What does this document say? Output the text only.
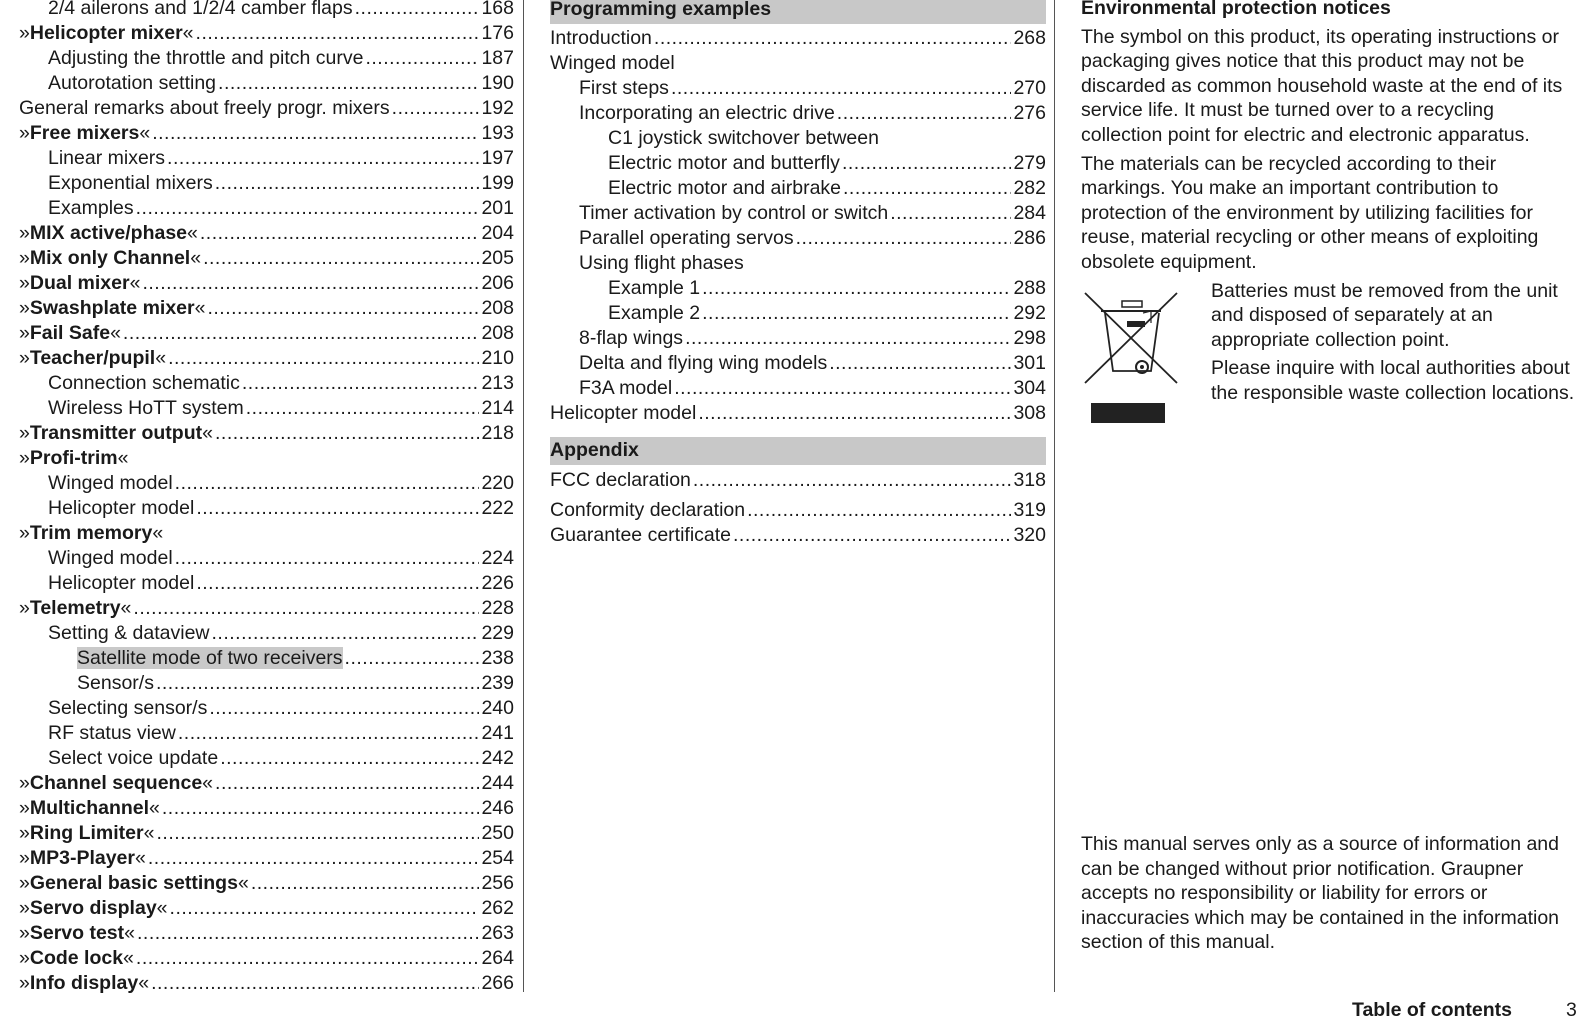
2/4 ailerons and 1/2/4 camber flaps .....	168
»Helicopter mixer« .....	176
Adjusting the throttle and pitch curve .....	187
Autorotation setting .....	190
General remarks about freely progr. mixers .....	192
»Free mixers« .....	193
Linear mixers .....	197
Exponential mixers .....	199
Examples .....	201
»MIX active/phase« .....	204
»Mix only Channel« .....	205
»Dual mixer« .....	206
»Swashplate mixer« .....	208
»Fail Safe« .....	208
»Teacher/pupil« .....	210
Connection schematic .....	213
Wireless HoTT system .....	214
»Transmitter output« .....	218
»Profi-trim«
Winged model .....	220
Helicopter model .....	222
»Trim memory«
Winged model .....	224
Helicopter model .....	226
»Telemetry« .....	228
Setting & dataview .....	229
Satellite mode of two receivers .....	238
Sensor/s .....	239
Selecting sensor/s .....	240
RF status view .....	241
Select voice update .....	242
»Channel sequence« .....	244
»Multichannel« .....	246
»Ring Limiter« .....	250
»MP3-Player« .....	254
»General basic settings« .....	256
»Servo display« .....	262
»Servo test« .....	263
»Code lock« .....	264
»Info display« .....	266
Programming examples
Introduction .....	268
Winged model
First steps .....	270
Incorporating an electric drive .....	276
C1 joystick switchover between
Electric motor and butterfly .....	279
Electric motor and airbrake .....	282
Timer activation by control or switch .....	284
Parallel operating servos .....	286
Using flight phases
Example 1 .....	288
Example 2 .....	292
8-flap wings .....	298
Delta and flying wing models .....	301
F3A model .....	304
Helicopter model .....	308
Appendix
FCC declaration .....	318
Conformity declaration .....	319
Guarantee certificate .....	320

Environmental protection notices

The symbol on this product, its operating instructions or packaging gives notice that this product may not be discarded as common household waste at the end of its service life. It must be turned over to a recycling collection point for electric and electronic apparatus.

The materials can be recycled according to their markings. You make an important contribution to protection of the environment by utilizing facilities for reuse, material recycling or other means of exploiting obsolete equipment.

Batteries must be removed from the unit and disposed of separately at an appropriate collection point.

Please inquire with local authorities about the responsible waste collection locations.

This manual serves only as a source of information and can be changed without prior notification. Graupner accepts no responsibility or liability for errors or inaccuracies which may be contained in the information section of this manual.

Table of contents	3
